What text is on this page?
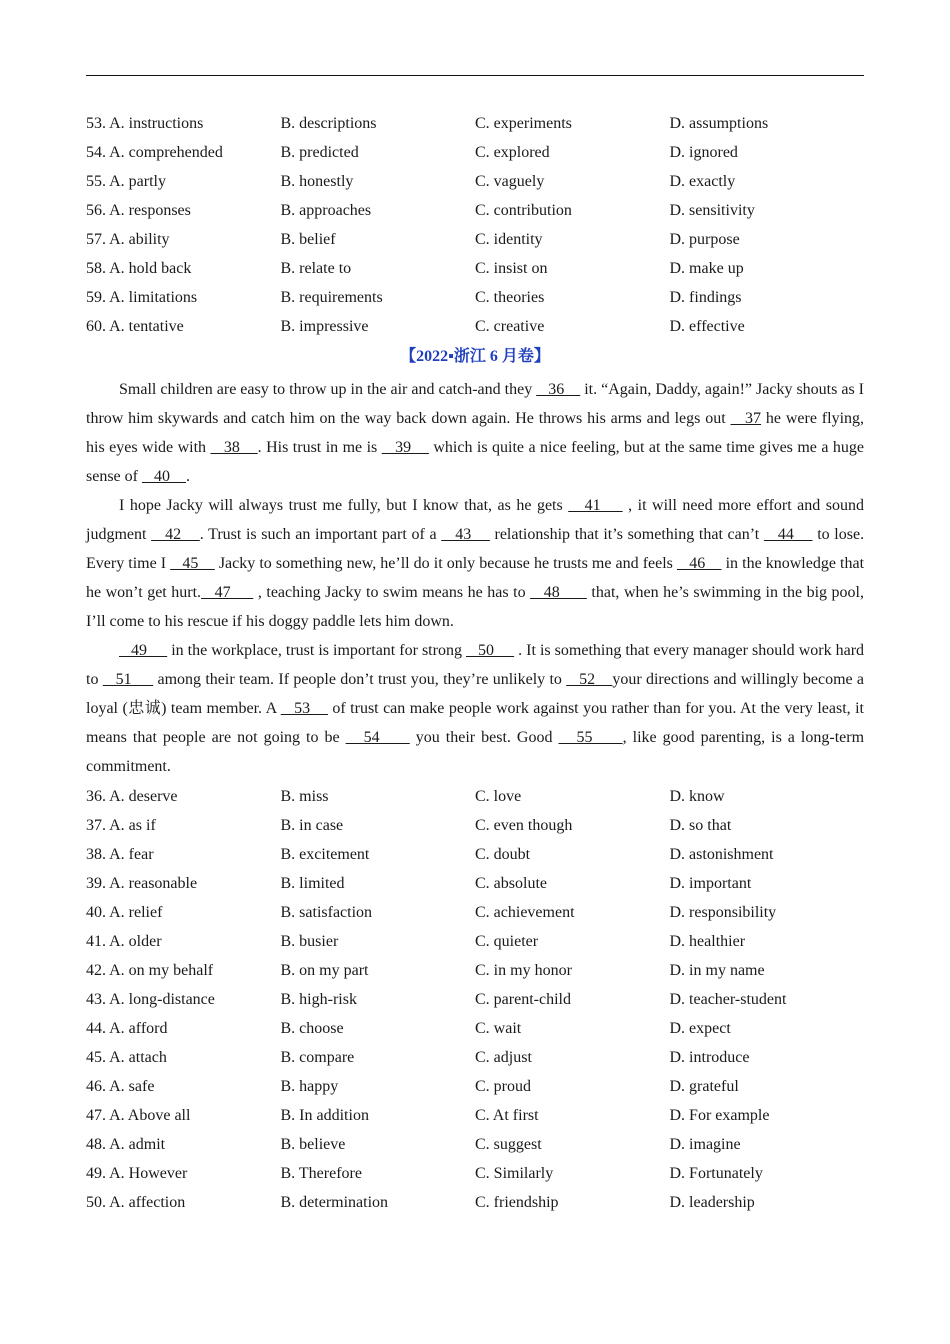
53. A. instructions	B. descriptions	C. experiments	D. assumptions
54. A. comprehended	B. predicted	C. explored	D. ignored
55. A. partly	B. honestly	C. vaguely	D. exactly
56. A. responses	B. approaches	C. contribution	D. sensitivity
57. A. ability	B. belief	C. identity	D. purpose
58. A. hold back	B. relate to	C. insist on	D. make up
59. A. limitations	B. requirements	C. theories	D. findings
60. A. tentative	B. impressive	C. creative	D. effective
【2022▪浙江 6 月卷】

Small children are easy to throw up in the air and catch-and they    36     it. “Again, Daddy, again!” Jacky shouts as I throw him skywards and catch him on the way back down again. He throws his arms and legs out    37 he were flying, his eyes wide with    38    . His trust in me is    39     which is quite a nice feeling, but at the same time gives me a huge sense of    40    .

I hope Jacky will always trust me fully, but I know that, as he gets    41     , it will need more effort and sound judgment    42    . Trust is such an important part of a    43     relationship that it’s something that can’t    44     to lose. Every time I    45     Jacky to something new, he’ll do it only because he trusts me and feels    46     in the knowledge that he won’t get hurt.   47      , teaching Jacky to swim means he has to    48       that, when he’s swimming in the big pool, I’ll come to his rescue if his doggy paddle lets him down.

49      in the workplace, trust is important for strong    50      . It is something that every manager should work hard to    51      among their team. If people don’t trust you, they’re unlikely to    52    your directions and willingly become a loyal (忠诚) team member. A    53     of trust can make people work against you rather than for you. At the very least, it means that people are not going to be    54      you their best. Good    55     , like good parenting, is a long-term commitment.

36. A. deserve	B. miss	C. love	D. know
37. A. as if	B. in case	C. even though	D. so that
38. A. fear	B. excitement	C. doubt	D. astonishment
39. A. reasonable	B. limited	C. absolute	D. important
40. A. relief	B. satisfaction	C. achievement	D. responsibility
41. A. older	B. busier	C. quieter	D. healthier
42. A. on my behalf	B. on my part	C. in my honor	D. in my name
43. A. long-distance	B. high-risk	C. parent-child	D. teacher-student
44. A. afford	B. choose	C. wait	D. expect
45. A. attach	B. compare	C. adjust	D. introduce
46. A. safe	B. happy	C. proud	D. grateful
47. A. Above all	B. In addition	C. At first	D. For example
48. A. admit	B. believe	C. suggest	D. imagine
49. A. However	B. Therefore	C. Similarly	D. Fortunately
50. A. affection	B. determination	C. friendship	D. leadership
